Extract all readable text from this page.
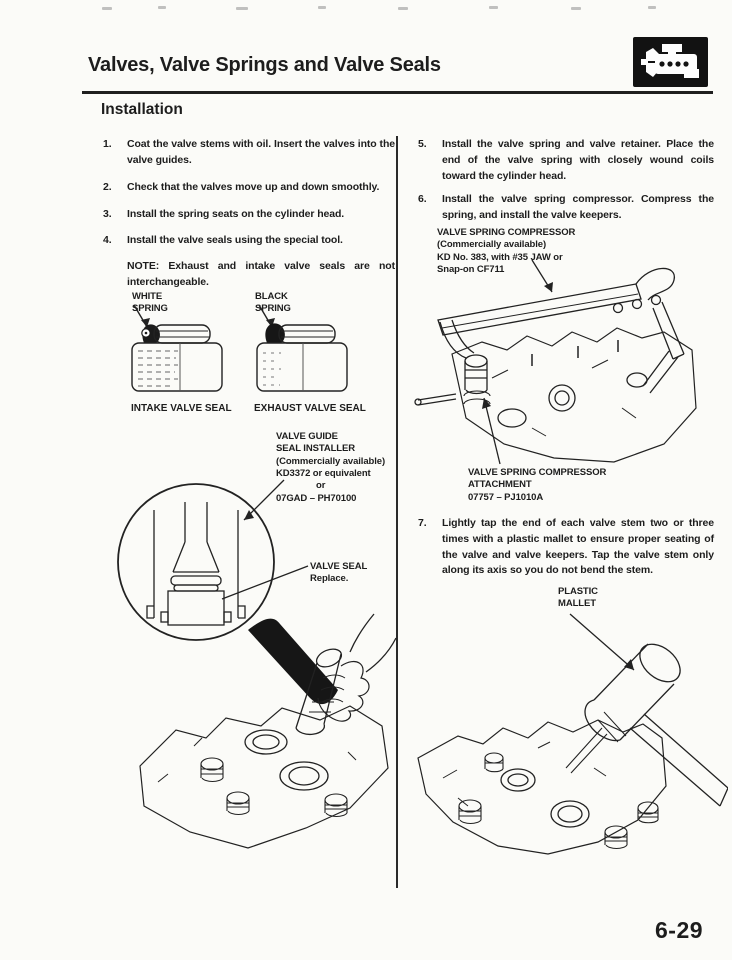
Valves, Valve Springs and Valve Seals
Installation
1.	Coat the valve stems with oil. Insert the valves into the valve guides.
2.	Check that the valves move up and down smoothly.
3.	Install the spring seats on the cylinder head.
4.	Install the valve seals using the special tool.
NOTE: Exhaust and intake valve seals are not interchangeable.
WHITE
SPRING
BLACK
SPRING
INTAKE VALVE SEAL EXHAUST VALVE SEAL
VALVE GUIDE
SEAL INSTALLER
(Commercially available)
KD3372 or equivalent
or
07GAD – PH70100
VALVE SEAL
Replace.
5.	Install the valve spring and valve retainer. Place the end of the valve spring with closely wound coils toward the cylinder head.
6.	Install the valve spring compressor. Compress the spring, and install the valve keepers.
VALVE SPRING COMPRESSOR
(Commercially available)
KD No. 383, with #35 JAW or
Snap-on CF711
VALVE SPRING COMPRESSOR
ATTACHMENT
07757 – PJ1010A
7.	Lightly tap the end of each valve stem two or three times with a plastic mallet to ensure proper seating of the valve and valve keepers. Tap the valve stem only along its axis so you do not bend the stem.
PLASTIC
MALLET
6-29
